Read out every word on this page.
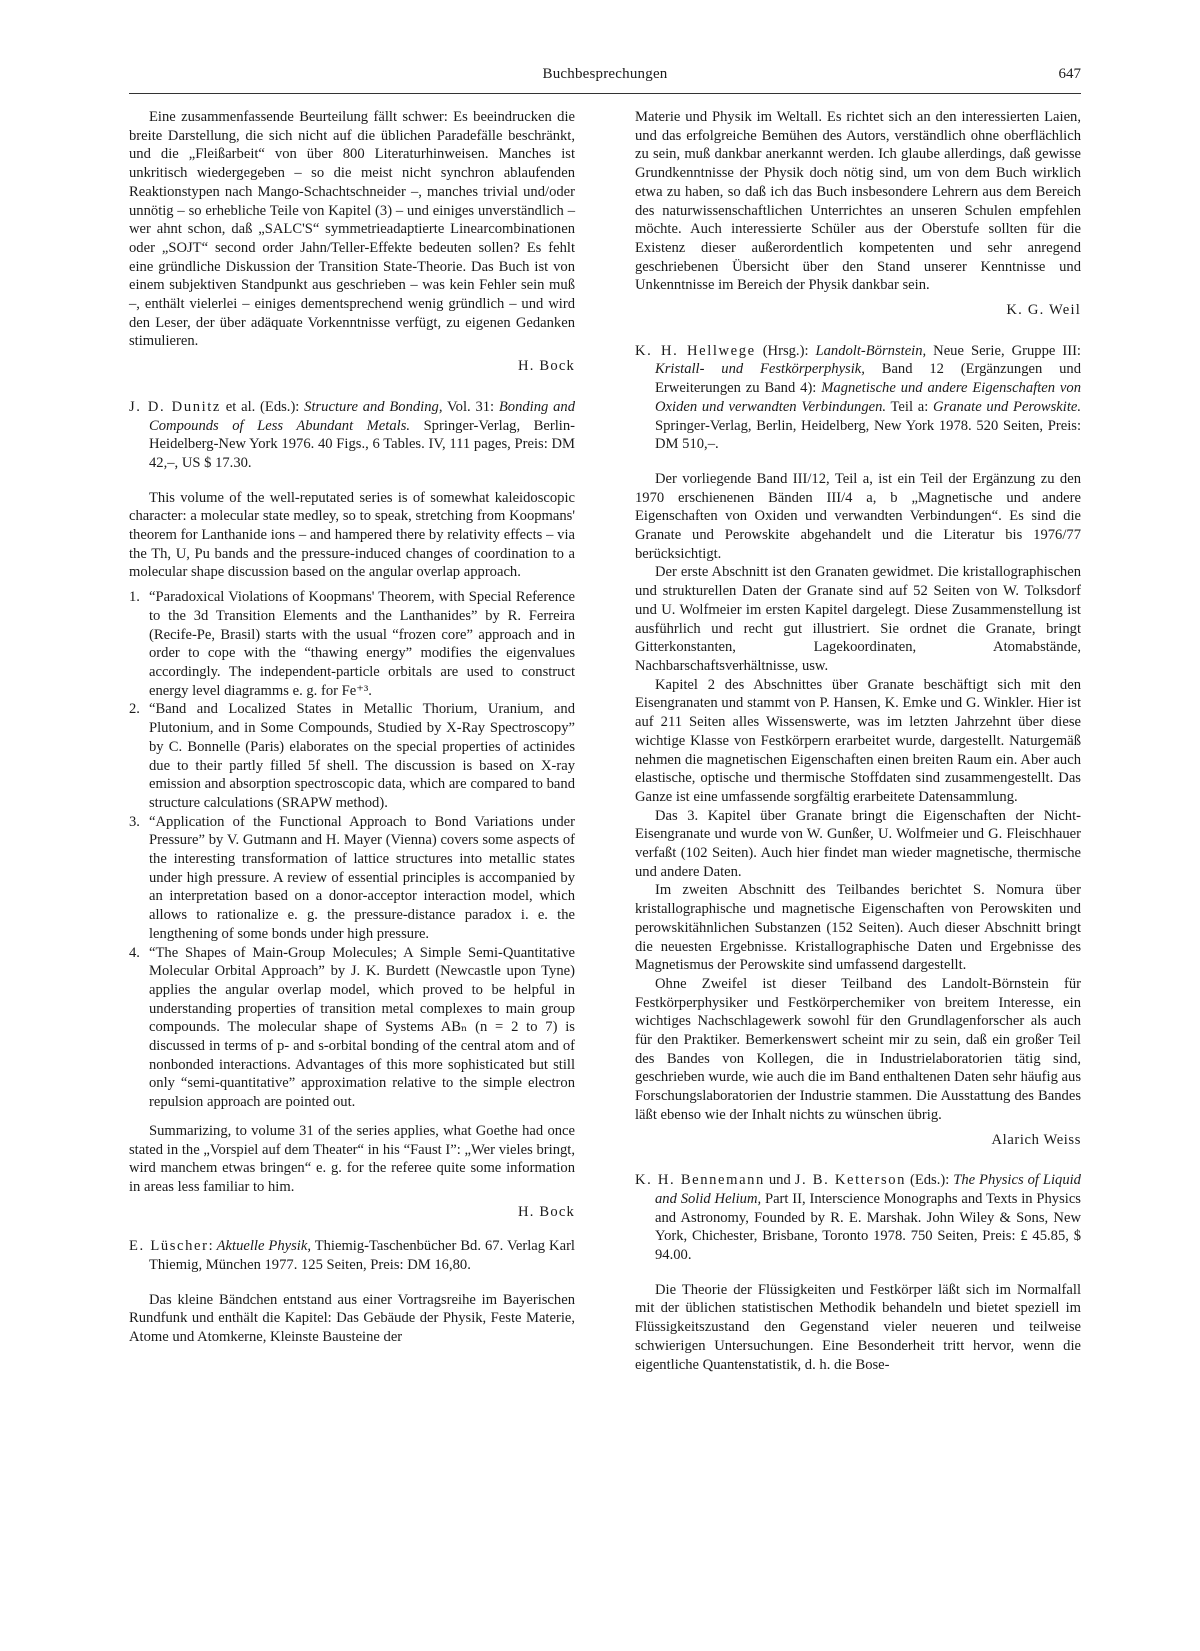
Buchbesprechungen	647

Eine zusammenfassende Beurteilung fällt schwer: Es beeindrucken die breite Darstellung, die sich nicht auf die üblichen Paradefälle beschränkt, und die „Fleißarbeit“ von über 800 Literaturhinweisen. Manches ist unkritisch wiedergegeben – so die meist nicht synchron ablaufenden Reaktionstypen nach Mango-Schachtschneider –, manches trivial und/oder unnötig – so erhebliche Teile von Kapitel (3) – und einiges unverständlich – wer ahnt schon, daß „SALC'S“ symmetrieadaptierte Linearcombinationen oder „SOJT“ second order Jahn/Teller-Effekte bedeuten sollen? Es fehlt eine gründliche Diskussion der Transition State-Theorie. Das Buch ist von einem subjektiven Standpunkt aus geschrieben – was kein Fehler sein muß –, enthält vielerlei – einiges dementsprechend wenig gründlich – und wird den Leser, der über adäquate Vorkenntnisse verfügt, zu eigenen Gedanken stimulieren.

H. Bock

J. D. Dunitz et al. (Eds.): Structure and Bonding, Vol. 31: Bonding and Compounds of Less Abundant Metals. Springer-Verlag, Berlin-Heidelberg-New York 1976. 40 Figs., 6 Tables. IV, 111 pages, Preis: DM 42,–, US $ 17.30.

This volume of the well-reputated series is of somewhat kaleidoscopic character: a molecular state medley, so to speak, stretching from Koopmans' theorem for Lanthanide ions – and hampered there by relativity effects – via the Th, U, Pu bands and the pressure-induced changes of coordination to a molecular shape discussion based on the angular overlap approach.

1. “Paradoxical Violations of Koopmans' Theorem, with Special Reference to the 3d Transition Elements and the Lanthanides” by R. Ferreira (Recife-Pe, Brasil) starts with the usual “frozen core” approach and in order to cope with the “thawing energy” modifies the eigenvalues accordingly. The independent-particle orbitals are used to construct energy level diagramms e. g. for Fe⁺³.
2. “Band and Localized States in Metallic Thorium, Uranium, and Plutonium, and in Some Compounds, Studied by X-Ray Spectroscopy” by C. Bonnelle (Paris) elaborates on the special properties of actinides due to their partly filled 5f shell. The discussion is based on X-ray emission and absorption spectroscopic data, which are compared to band structure calculations (SRAPW method).
3. “Application of the Functional Approach to Bond Variations under Pressure” by V. Gutmann and H. Mayer (Vienna) covers some aspects of the interesting transformation of lattice structures into metallic states under high pressure. A review of essential principles is accompanied by an interpretation based on a donor-acceptor interaction model, which allows to rationalize e. g. the pressure-distance paradox i. e. the lengthening of some bonds under high pressure.
4. “The Shapes of Main-Group Molecules; A Simple Semi-Quantitative Molecular Orbital Approach” by J. K. Burdett (Newcastle upon Tyne) applies the angular overlap model, which proved to be helpful in understanding properties of transition metal complexes to main group compounds. The molecular shape of Systems ABₙ (n = 2 to 7) is discussed in terms of p- and s-orbital bonding of the central atom and of nonbonded interactions. Advantages of this more sophisticated but still only “semi-quantitative” approximation relative to the simple electron repulsion approach are pointed out.

Summarizing, to volume 31 of the series applies, what Goethe had once stated in the „Vorspiel auf dem Theater“ in his “Faust I”: „Wer vieles bringt, wird manchem etwas bringen“ e. g. for the referee quite some information in areas less familiar to him.

H. Bock

E. Lüscher: Aktuelle Physik, Thiemig-Taschenbücher Bd. 67. Verlag Karl Thiemig, München 1977. 125 Seiten, Preis: DM 16,80.

Das kleine Bändchen entstand aus einer Vortragsreihe im Bayerischen Rundfunk und enthält die Kapitel: Das Gebäude der Physik, Feste Materie, Atome und Atomkerne, Kleinste Bausteine der

Materie und Physik im Weltall. Es richtet sich an den interessierten Laien, und das erfolgreiche Bemühen des Autors, verständlich ohne oberflächlich zu sein, muß dankbar anerkannt werden. Ich glaube allerdings, daß gewisse Grundkenntnisse der Physik doch nötig sind, um von dem Buch wirklich etwa zu haben, so daß ich das Buch insbesondere Lehrern aus dem Bereich des naturwissenschaftlichen Unterrichtes an unseren Schulen empfehlen möchte. Auch interessierte Schüler aus der Oberstufe sollten für die Existenz dieser außerordentlich kompetenten und sehr anregend geschriebenen Übersicht über den Stand unserer Kenntnisse und Unkenntnisse im Bereich der Physik dankbar sein.

K. G. Weil

K. H. Hellwege (Hrsg.): Landolt-Börnstein, Neue Serie, Gruppe III: Kristall- und Festkörperphysik, Band 12 (Ergänzungen und Erweiterungen zu Band 4): Magnetische und andere Eigenschaften von Oxiden und verwandten Verbindungen. Teil a: Granate und Perowskite. Springer-Verlag, Berlin, Heidelberg, New York 1978. 520 Seiten, Preis: DM 510,–.

Der vorliegende Band III/12, Teil a, ist ein Teil der Ergänzung zu den 1970 erschienenen Bänden III/4 a, b „Magnetische und andere Eigenschaften von Oxiden und verwandten Verbindungen“. Es sind die Granate und Perowskite abgehandelt und die Literatur bis 1976/77 berücksichtigt.

Der erste Abschnitt ist den Granaten gewidmet. Die kristallographischen und strukturellen Daten der Granate sind auf 52 Seiten von W. Tolksdorf und U. Wolfmeier im ersten Kapitel dargelegt. Diese Zusammenstellung ist ausführlich und recht gut illustriert. Sie ordnet die Granate, bringt Gitterkonstanten, Lagekoordinaten, Atomabstände, Nachbarschaftsverhältnisse, usw.

Kapitel 2 des Abschnittes über Granate beschäftigt sich mit den Eisengranaten und stammt von P. Hansen, K. Emke und G. Winkler. Hier ist auf 211 Seiten alles Wissenswerte, was im letzten Jahrzehnt über diese wichtige Klasse von Festkörpern erarbeitet wurde, dargestellt. Naturgemäß nehmen die magnetischen Eigenschaften einen breiten Raum ein. Aber auch elastische, optische und thermische Stoffdaten sind zusammengestellt. Das Ganze ist eine umfassende sorgfältig erarbeitete Datensammlung.

Das 3. Kapitel über Granate bringt die Eigenschaften der Nicht-Eisengranate und wurde von W. Gunßer, U. Wolfmeier und G. Fleischhauer verfaßt (102 Seiten). Auch hier findet man wieder magnetische, thermische und andere Daten.

Im zweiten Abschnitt des Teilbandes berichtet S. Nomura über kristallographische und magnetische Eigenschaften von Perowskiten und perowskitähnlichen Substanzen (152 Seiten). Auch dieser Abschnitt bringt die neuesten Ergebnisse. Kristallographische Daten und Ergebnisse des Magnetismus der Perowskite sind umfassend dargestellt.

Ohne Zweifel ist dieser Teilband des Landolt-Börnstein für Festkörperphysiker und Festkörperchemiker von breitem Interesse, ein wichtiges Nachschlagewerk sowohl für den Grundlagenforscher als auch für den Praktiker. Bemerkenswert scheint mir zu sein, daß ein großer Teil des Bandes von Kollegen, die in Industrielaboratorien tätig sind, geschrieben wurde, wie auch die im Band enthaltenen Daten sehr häufig aus Forschungslaboratorien der Industrie stammen. Die Ausstattung des Bandes läßt ebenso wie der Inhalt nichts zu wünschen übrig.

Alarich Weiss

K. H. Bennemann und J. B. Ketterson (Eds.): The Physics of Liquid and Solid Helium, Part II, Interscience Monographs and Texts in Physics and Astronomy, Founded by R. E. Marshak. John Wiley & Sons, New York, Chichester, Brisbane, Toronto 1978. 750 Seiten, Preis: £ 45.85, $ 94.00.

Die Theorie der Flüssigkeiten und Festkörper läßt sich im Normalfall mit der üblichen statistischen Methodik behandeln und bietet speziell im Flüssigkeitszustand den Gegenstand vieler neueren und teilweise schwierigen Untersuchungen. Eine Besonderheit tritt hervor, wenn die eigentliche Quantenstatistik, d. h. die Bose-
